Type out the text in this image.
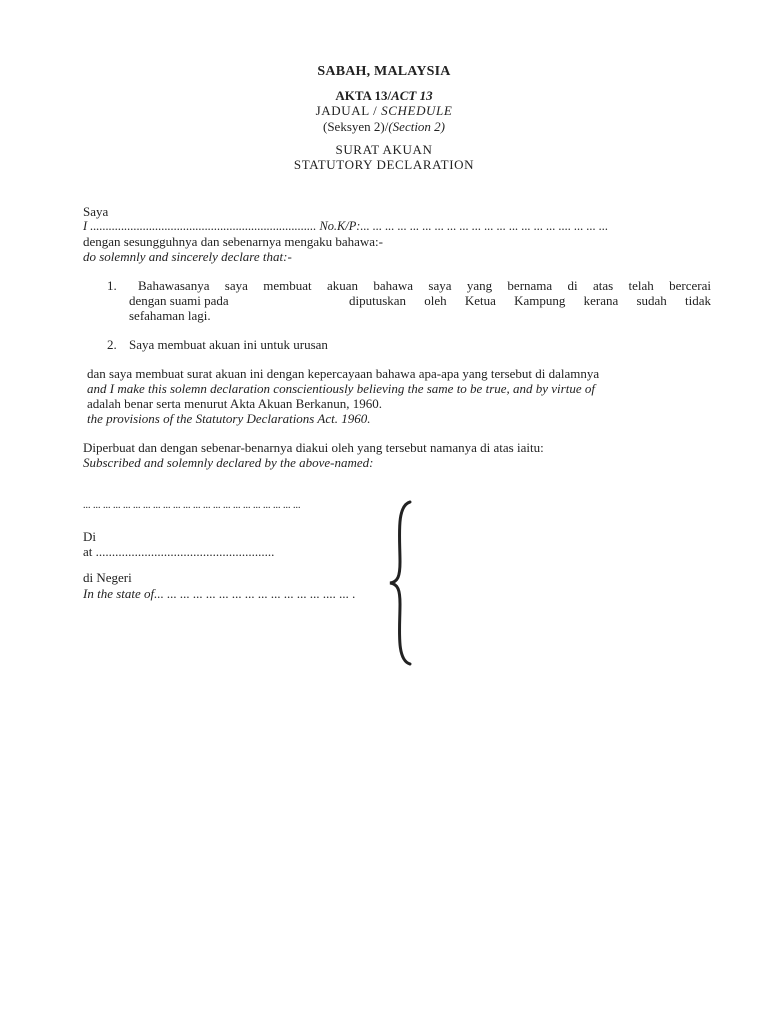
SABAH, MALAYSIA
AKTA 13/ACT 13
JADUAL / SCHEDULE
(Seksyen 2)/(Section 2)
SURAT AKUAN
STATUTORY DECLARATION
Saya
I ......................................................................... No.K/P:... ... ... ... ... ... ... ... ... ... ... ... ... ... ... ... .... ... ... ...
dengan sesungguhnya dan sebenarnya mengaku bahawa:-
do solemnly and sincerely declare that:-
1. Bahawasanya saya membuat akuan bahawa saya yang bernama di atas telah bercerai
dengan suami pada	diputuskan oleh Ketua Kampung kerana sudah tidak
sefahaman lagi.
2. Saya membuat akuan ini untuk urusan
dan saya membuat surat akuan ini dengan kepercayaan bahawa apa-apa yang tersebut di dalamnya
and I make this solemn declaration conscientiously believing the same to be true, and by virtue of
adalah benar serta menurut Akta Akuan Berkanun, 1960.
the provisions of the Statutory Declarations Act. 1960.
Diperbuat dan dengan sebenar-benarnya diakui oleh yang tersebut namanya di atas iaitu:
Subscribed and solemnly declared by the above-named:
... ... ... ... ... ... ... ... ... ... ... ... ... ... ... ... ... ... ... ... ... ...
Di
at .......................................................
di Negeri
In the state of... ... ... ... ... ... ... ... ... ... ... ... ... .... ... .
